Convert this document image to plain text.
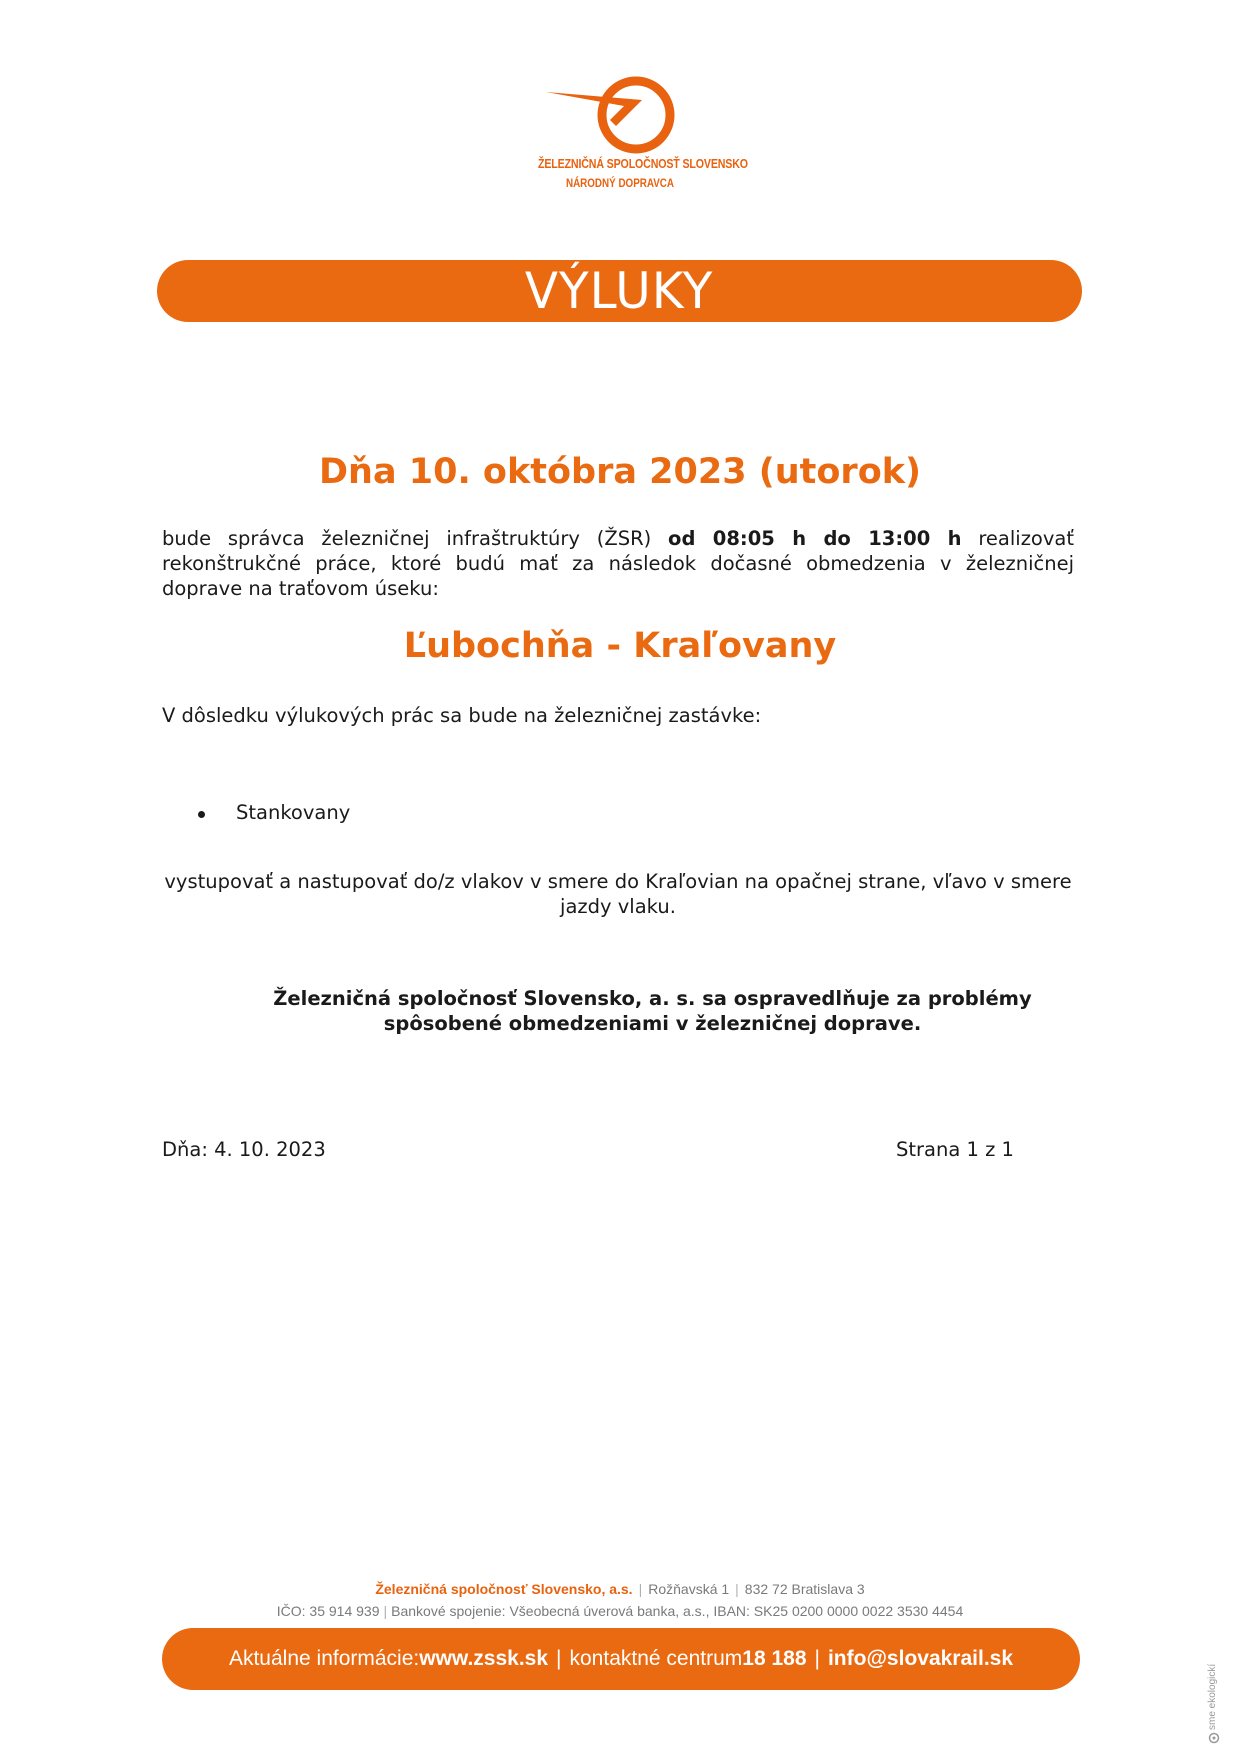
ŽELEZNIČNÁ SPOLOČNOSŤ SLOVENSKO
NÁRODNÝ DOPRAVCA
VÝLUKY
Dňa 10. októbra 2023 (utorok)
bude správca železničnej infraštruktúry (ŽSR) od 08:05 h do 13:00 h realizovať rekonštrukčné práce, ktoré budú mať za následok dočasné obmedzenia v železničnej doprave na traťovom úseku:
Ľubochňa - Kraľovany
V dôsledku výlukových prác sa bude na železničnej zastávke:
Stankovany
vystupovať a nastupovať do/z vlakov v smere do Kraľovian na opačnej strane, vľavo v smere jazdy vlaku.
Železničná spoločnosť Slovensko, a. s. sa ospravedlňuje za problémy spôsobené obmedzeniami v železničnej doprave.
Dňa: 4. 10. 2023	Strana 1 z 1
Železničná spoločnosť Slovensko, a.s. | Rožňavská 1 | 832 72 Bratislava 3
IČO: 35 914 939 | Bankové spojenie: Všeobecná úverová banka, a.s., IBAN: SK25 0200 0000 0022 3530 4454
Aktuálne informácie: www.zssk.sk | kontaktné centrum 18 188 | info@slovakrail.sk
sme ekologickí
